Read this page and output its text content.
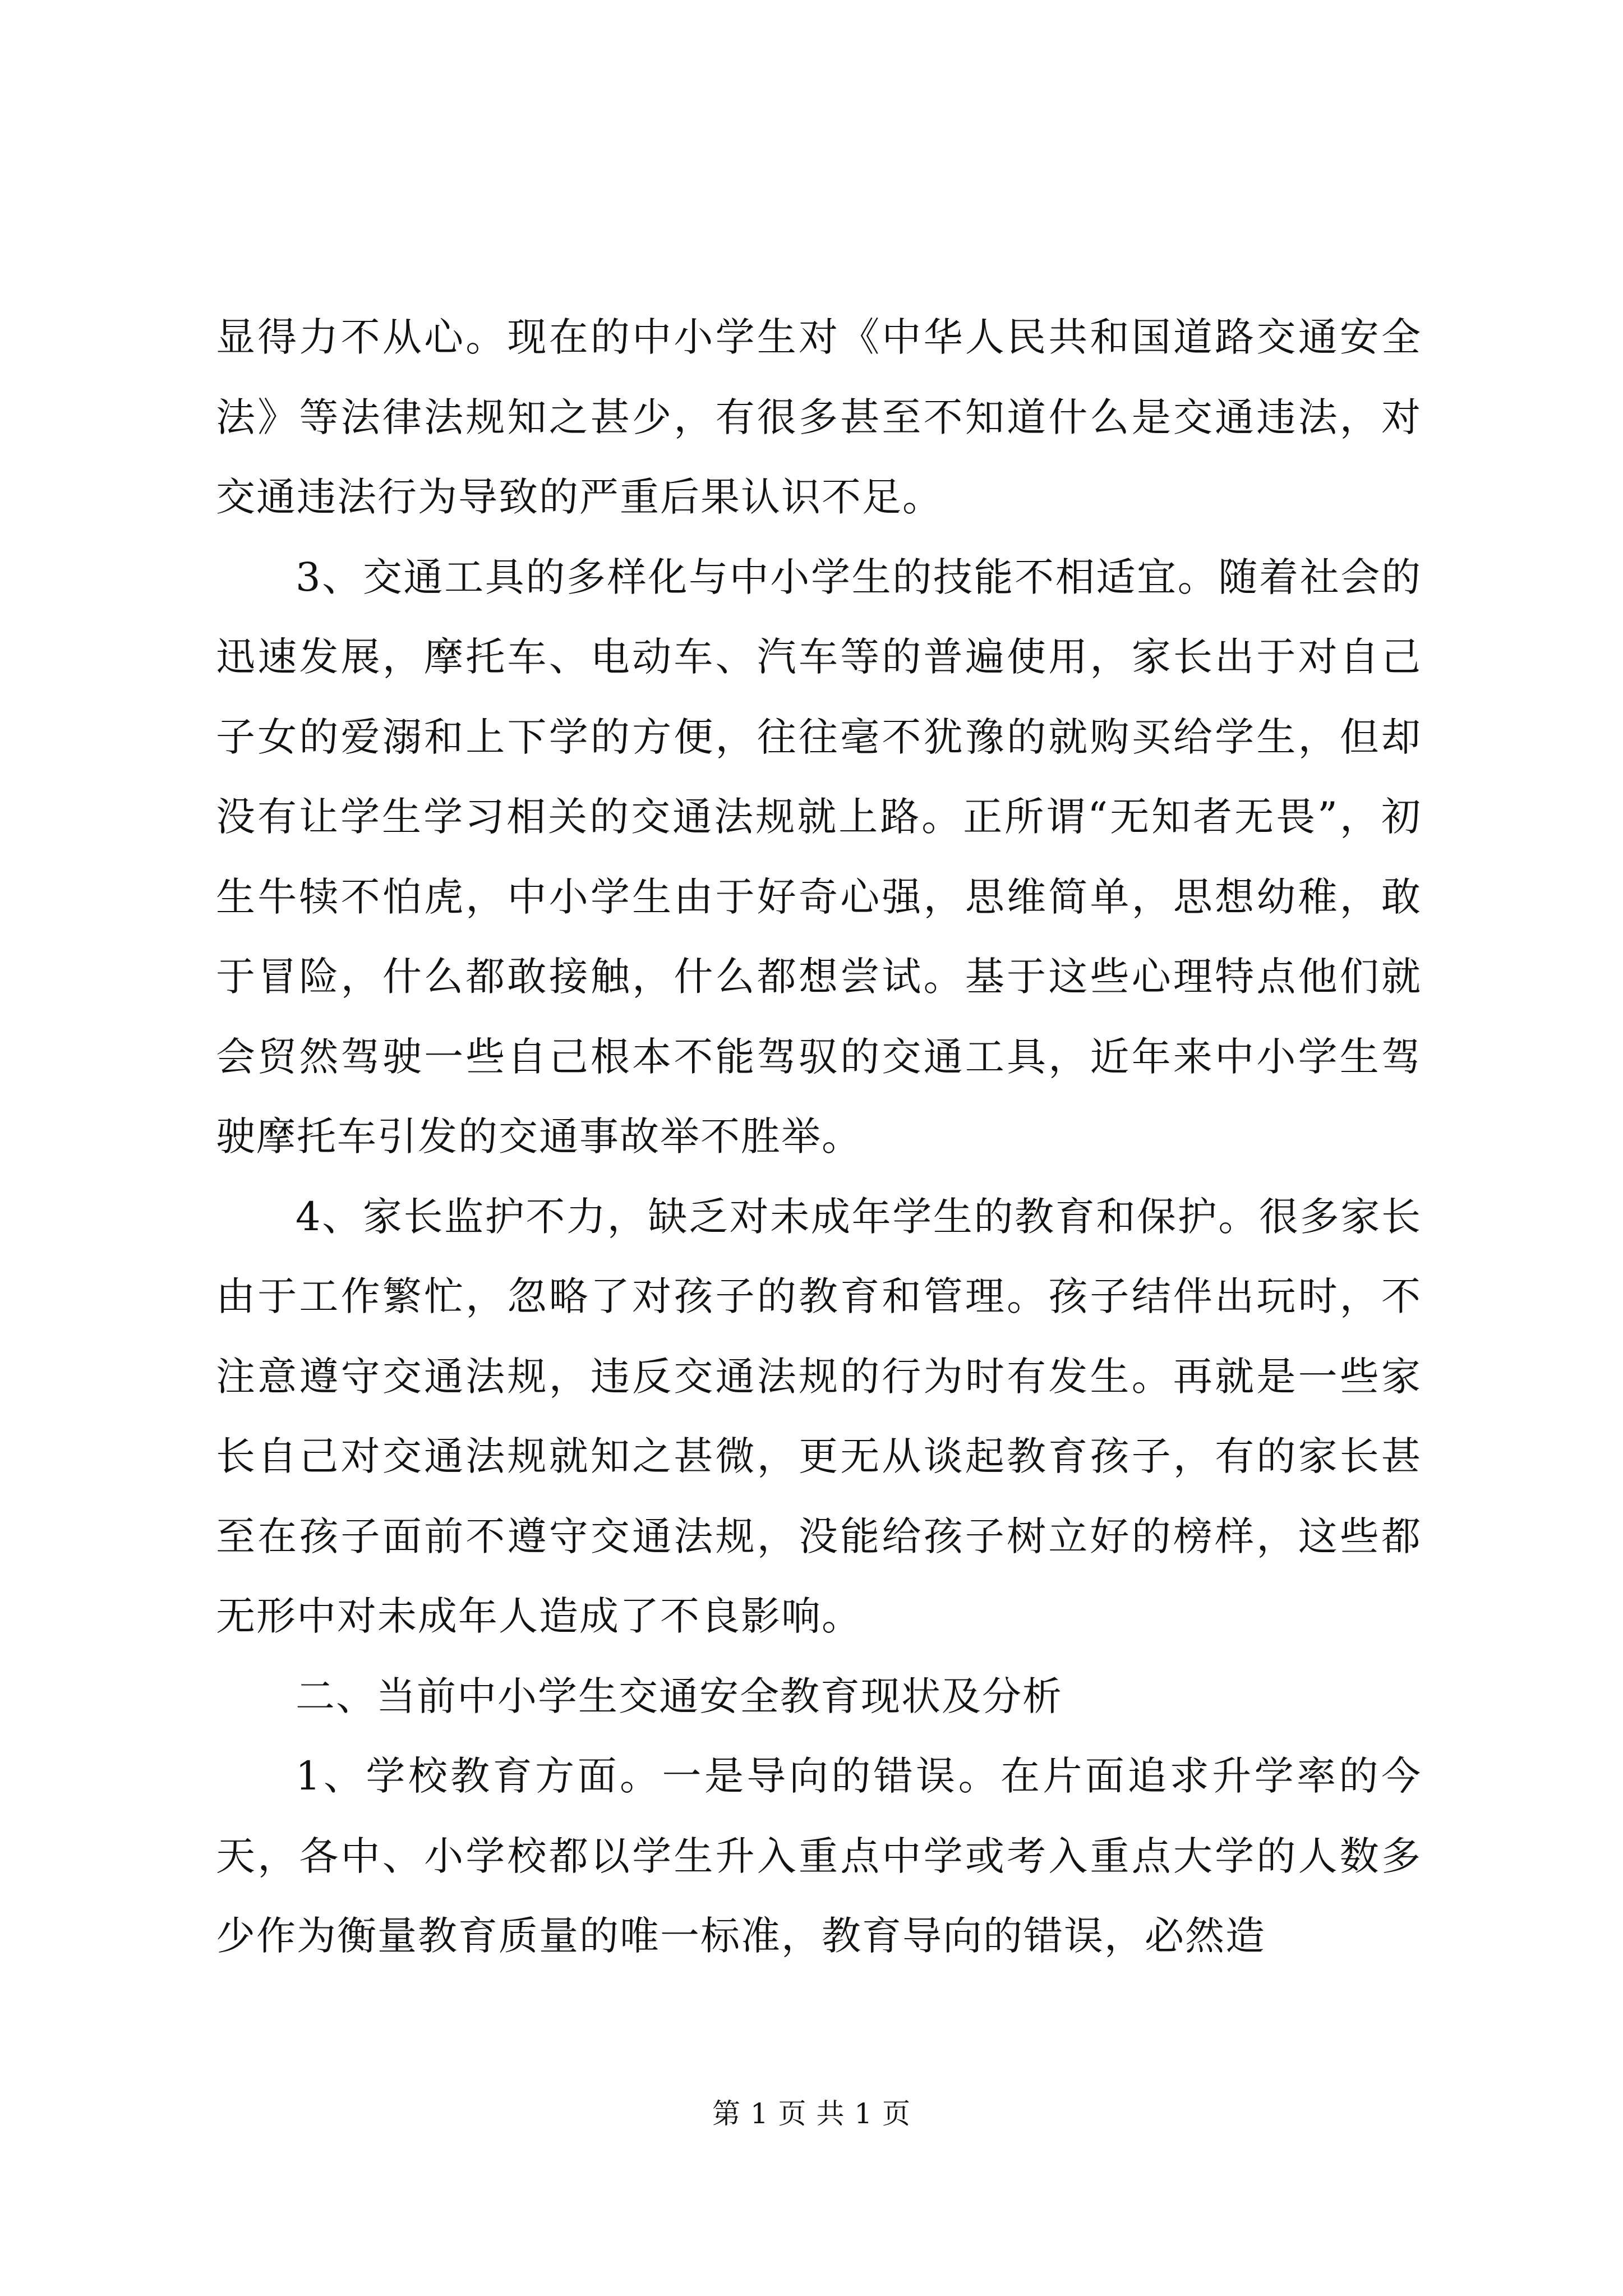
显得力不从心。现在的中小学生对《中华人民共和国道路交通安全法》等法律法规知之甚少，有很多甚至不知道什么是交通违法，对交通违法行为导致的严重后果认识不足。

3、交通工具的多样化与中小学生的技能不相适宜。随着社会的迅速发展，摩托车、电动车、汽车等的普遍使用，家长出于对自己子女的爱溺和上下学的方便，往往毫不犹豫的就购买给学生，但却没有让学生学习相关的交通法规就上路。正所谓“无知者无畏”，初生牛犊不怕虎，中小学生由于好奇心强，思维简单，思想幼稚，敢于冒险，什么都敢接触，什么都想尝试。基于这些心理特点他们就会贸然驾驶一些自己根本不能驾驭的交通工具，近年来中小学生驾驶摩托车引发的交通事故举不胜举。

4、家长监护不力，缺乏对未成年学生的教育和保护。很多家长由于工作繁忙，忽略了对孩子的教育和管理。孩子结伴出玩时，不注意遵守交通法规，违反交通法规的行为时有发生。再就是一些家长自己对交通法规就知之甚微，更无从谈起教育孩子，有的家长甚至在孩子面前不遵守交通法规，没能给孩子树立好的榜样，这些都无形中对未成年人造成了不良影响。

二、当前中小学生交通安全教育现状及分析

1、学校教育方面。一是导向的错误。在片面追求升学率的今天，各中、小学校都以学生升入重点中学或考入重点大学的人数多少作为衡量教育质量的唯一标准，教育导向的错误，必然造

第 1 页 共 1 页
